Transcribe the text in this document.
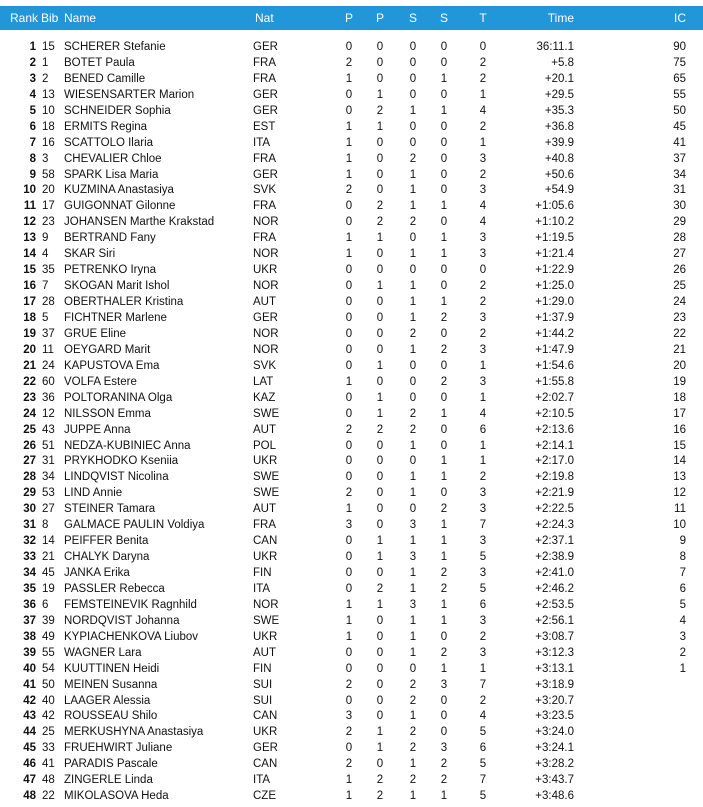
Rank Bib Name	Nat	P P S S	T	Time	IC
1 15 SCHERER Stefanie	GER	0 0 0 0	0	36:11.1	90
2 1	BOTET Paula	FRA	2 0 0 0	2	+5.8	75
3 2	BENED Camille	FRA	1 0 0 1	2	+20.1	65
4 13 WIESENSARTER Marion	GER	0 1 0 0	1	+29.5	55
5 10 SCHNEIDER Sophia	GER	0 2 1 1	4	+35.3	50
6 18 ERMITS Regina	EST	1 1 0 0	2	+36.8	45
7 16 SCATTOLO Ilaria	ITA	1 0 0 0	1	+39.9	41
8 3	CHEVALIER Chloe	FRA	1 0 2 0	3	+40.8	37
9 58 SPARK Lisa Maria	GER	1 0 1 0	2	+50.6	34
10 20 KUZMINA Anastasiya	SVK	2 0 1 0	3	+54.9	31
11 17 GUIGONNAT Gilonne	FRA	0 2 1 1	4	+1:05.6	30
12 23 JOHANSEN Marthe Krakstad	NOR	0 2 2 0	4	+1:10.2	29
13 9	BERTRAND Fany	FRA	1 1 0 1	3	+1:19.5	28
14 4	SKAR Siri	NOR	1 0 1 1	3	+1:21.4	27
15 35 PETRENKO Iryna	UKR	0 0 0 0	0	+1:22.9	26
16 7	SKOGAN Marit Ishol	NOR	0 1 1 0	2	+1:25.0	25
17 28 OBERTHALER Kristina	AUT	0 0 1 1	2	+1:29.0	24
18 5	FICHTNER Marlene	GER	0 0 1 2	3	+1:37.9	23
19 37 GRUE Eline	NOR	0 0 2 0	2	+1:44.2	22
20 11 OEYGARD Marit	NOR	0 0 1 2	3	+1:47.9	21
21 24 KAPUSTOVA Ema	SVK	0 1 0 0	1	+1:54.6	20
22 60 VOLFA Estere	LAT	1 0 0 2	3	+1:55.8	19
23 36 POLTORANINA Olga	KAZ	0 1 0 0	1	+2:02.7	18
24 12 NILSSON Emma	SWE	0 1 2 1	4	+2:10.5	17
25 43 JUPPE Anna	AUT	2 2 2 0	6	+2:13.6	16
26 51 NEDZA-KUBINIEC Anna	POL	0 0 1 0	1	+2:14.1	15
27 31 PRYKHODKO Kseniia	UKR	0 0 0 1	1	+2:17.0	14
28 34 LINDQVIST Nicolina	SWE	0 0 1 1	2	+2:19.8	13
29 53 LIND Annie	SWE	2 0 1 0	3	+2:21.9	12
30 27 STEINER Tamara	AUT	1 0 0 2	3	+2:22.5	11
31 8	GALMACE PAULIN Voldiya	FRA	3 0 3 1	7	+2:24.3	10
32 14 PEIFFER Benita	CAN	0 1 1 1	3	+2:37.1	9
33 21 CHALYK Daryna	UKR	0 1 3 1	5	+2:38.9	8
34 45 JANKA Erika	FIN	0 0 1 2	3	+2:41.0	7
35 19 PASSLER Rebecca	ITA	0 2 1 2	5	+2:46.2	6
36 6	FEMSTEINEVIK Ragnhild	NOR	1 1 3 1	6	+2:53.5	5
37 39 NORDQVIST Johanna	SWE	1 0 1 1	3	+2:56.1	4
38 49 KYPIACHENKOVA Liubov	UKR	1 0 1 0	2	+3:08.7	3
39 55 WAGNER Lara	AUT	0 0 1 2	3	+3:12.3	2
40 54 KUUTTINEN Heidi	FIN	0 0 0 1	1	+3:13.1	1
41 50 MEINEN Susanna	SUI	2 0 2 3	7	+3:18.9
42 40 LAAGER Alessia	SUI	0 0 2 0	2	+3:20.7
43 42 ROUSSEAU Shilo	CAN	3 0 1 0	4	+3:23.5
44 25 MERKUSHYNA Anastasiya	UKR	2 1 2 0	5	+3:24.0
45 33 FRUEHWIRT Juliane	GER	0 1 2 3	6	+3:24.1
46 41 PARADIS Pascale	CAN	2 0 1 2	5	+3:28.2
47 48 ZINGERLE Linda	ITA	1 2 2 2	7	+3:43.7
48 22 MIKOLASOVA Heda	CZE	1 2 1 1	5	+3:48.6
